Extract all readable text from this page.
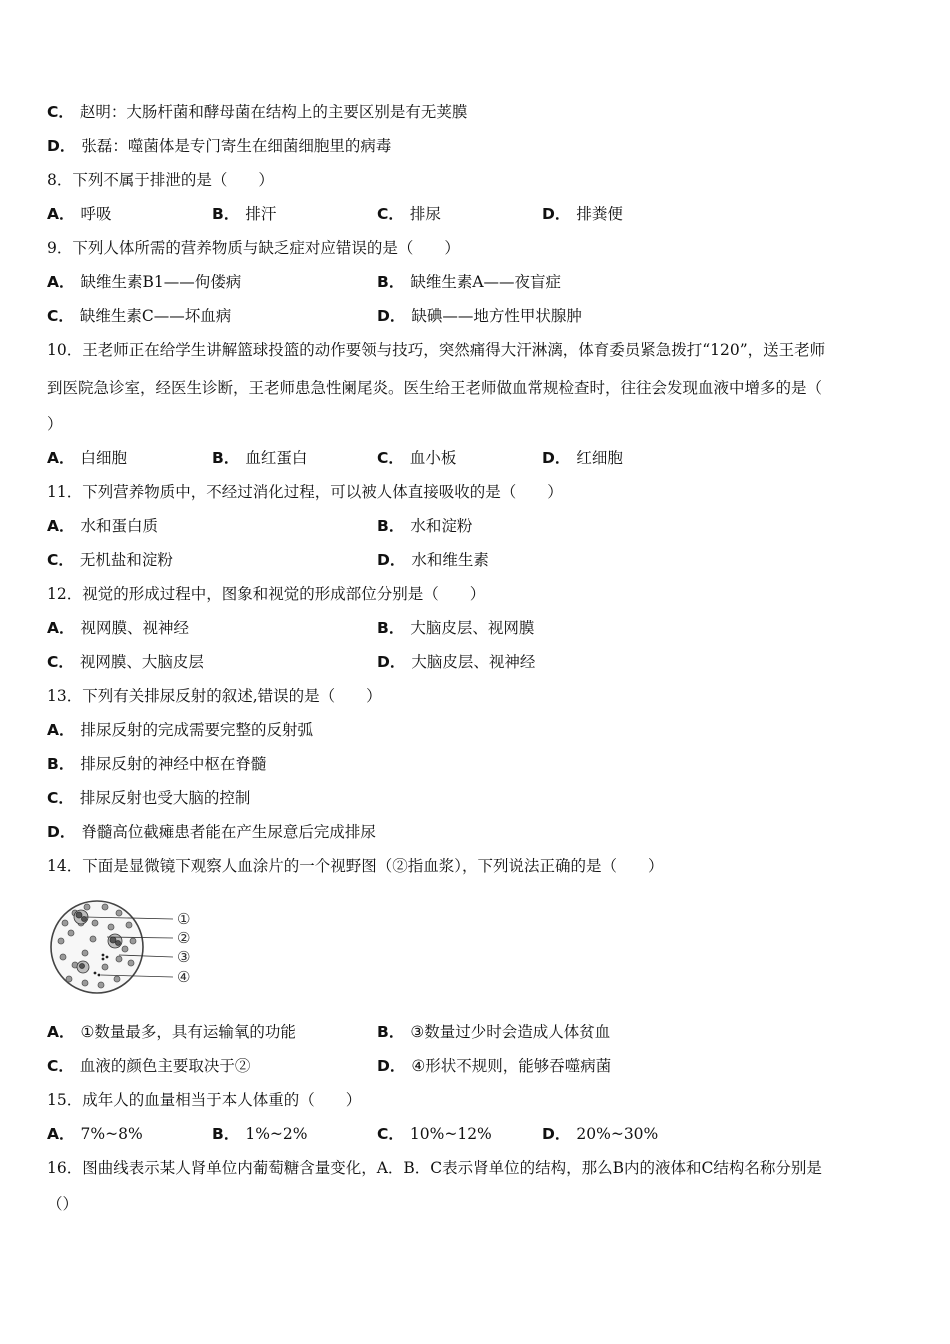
C． 赵明：大肠杆菌和酵母菌在结构上的主要区别是有无荚膜
D． 张磊：噬菌体是专门寄生在细菌细胞里的病毒
8．下列不属于排泄的是（　　）
A． 呼吸	B． 排汗	C． 排尿	D． 排粪便
9．下列人体所需的营养物质与缺乏症对应错误的是（　　）
A． 缺维生素B1——佝偻病	B． 缺维生素A——夜盲症
C． 缺维生素C——坏血病	D． 缺碘——地方性甲状腺肿
10．王老师正在给学生讲解篮球投篮的动作要领与技巧，突然痛得大汗淋漓，体育委员紧急拨打“120”，送王老师
到医院急诊室，经医生诊断，王老师患急性阑尾炎。医生给王老师做血常规检查时，往往会发现血液中增多的是（
）
A． 白细胞	B． 血红蛋白	C． 血小板	D． 红细胞
11．下列营养物质中，不经过消化过程，可以被人体直接吸收的是（　　）
A． 水和蛋白质	B． 水和淀粉
C． 无机盐和淀粉	D． 水和维生素
12．视觉的形成过程中，图象和视觉的形成部位分别是（　　）
A． 视网膜、视神经	B． 大脑皮层、视网膜
C． 视网膜、大脑皮层	D． 大脑皮层、视神经
13．下列有关排尿反射的叙述,错误的是（　　）
A． 排尿反射的完成需要完整的反射弧
B． 排尿反射的神经中枢在脊髓
C． 排尿反射也受大脑的控制
D． 脊髓高位截瘫患者能在产生尿意后完成排尿
14．下面是显微镜下观察人血涂片的一个视野图（②指血浆），下列说法正确的是（　　）
①
②
③
④
A． ①数量最多，具有运输氧的功能	B． ③数量过少时会造成人体贫血
C． 血液的颜色主要取决于②	D． ④形状不规则，能够吞噬病菌
15．成年人的血量相当于本人体重的（　　）
A． 7%~8%	B． 1%~2%	C． 10%~12%	D． 20%~30%
16．图曲线表示某人肾单位内葡萄糖含量变化，A．B．C表示肾单位的结构，那么B内的液体和C结构名称分别是
（）
